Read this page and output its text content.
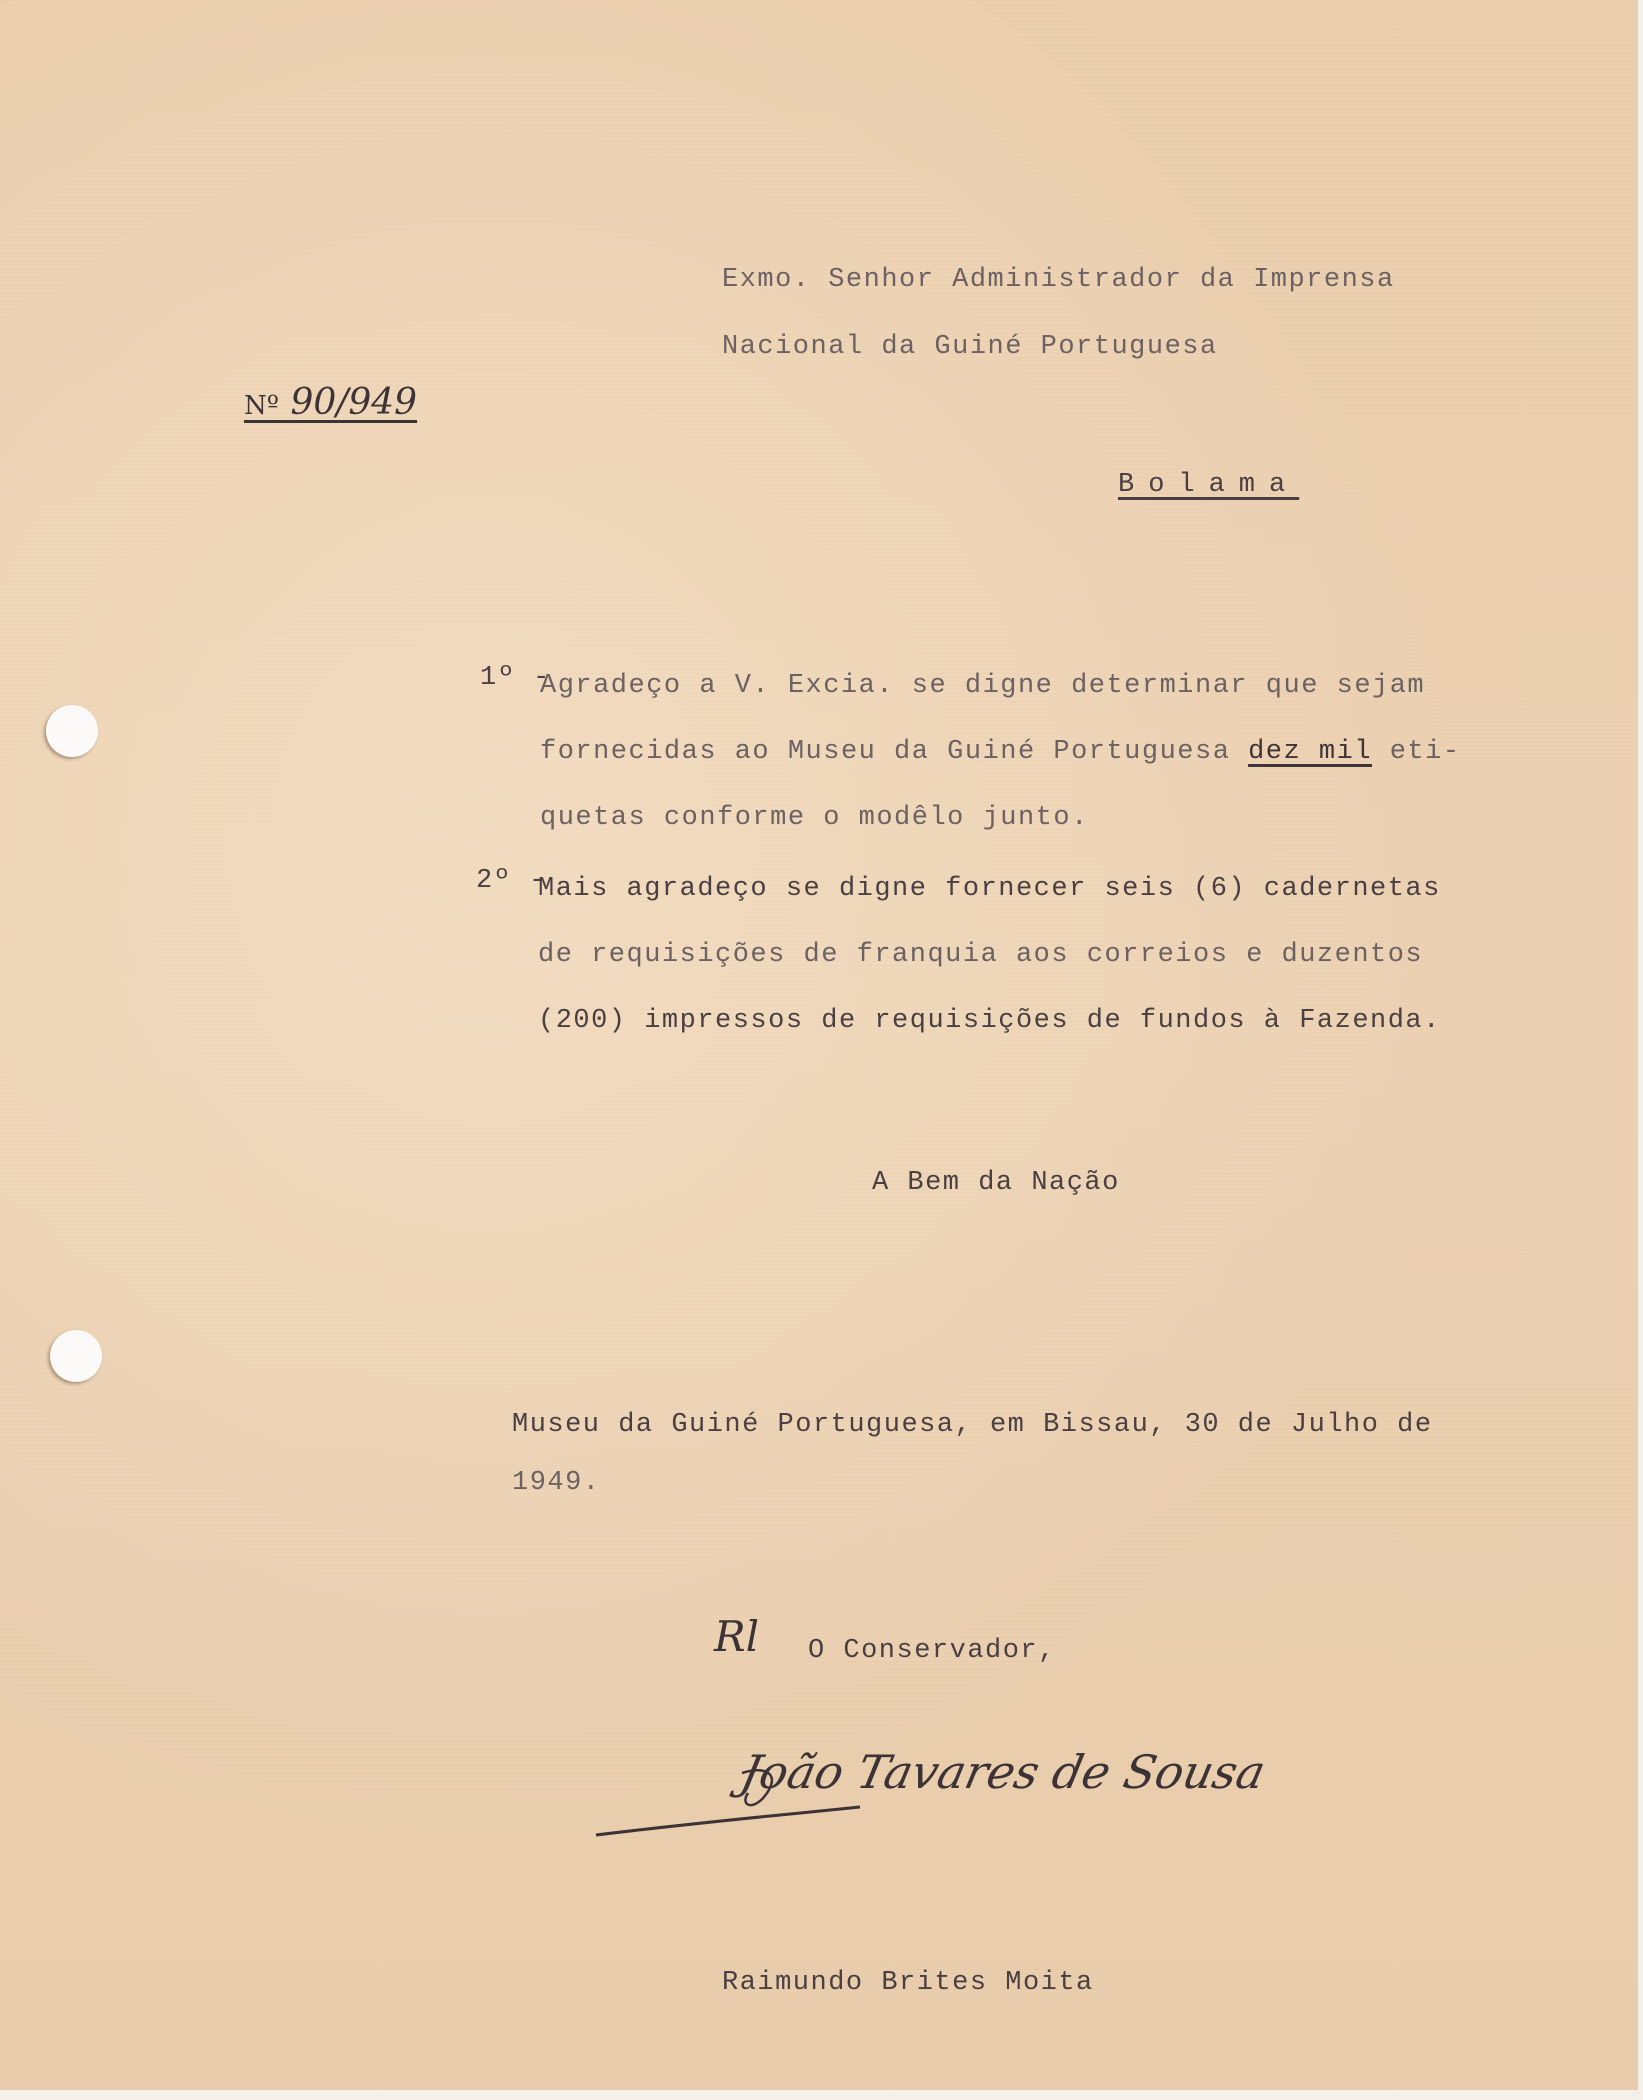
Exmo. Senhor Administrador da Imprensa
Nacional da Guiné Portuguesa
Nº 90/949
Bolama
1º -
Agradeço a V. Excia. se digne determinar que sejam
fornecidas ao Museu da Guiné Portuguesa dez mil eti-
quetas conforme o modêlo junto.
2º -
Mais agradeço se digne fornecer seis (6) cadernetas
de requisições de franquia aos correios e duzentos
(200) impressos de requisições de fundos à Fazenda.
A Bem da Nação
Museu da Guiné Portuguesa, em Bissau, 30 de Julho de
1949.
Rl O Conservador,
João Tavares de Sousa
Raimundo Brites Moita
